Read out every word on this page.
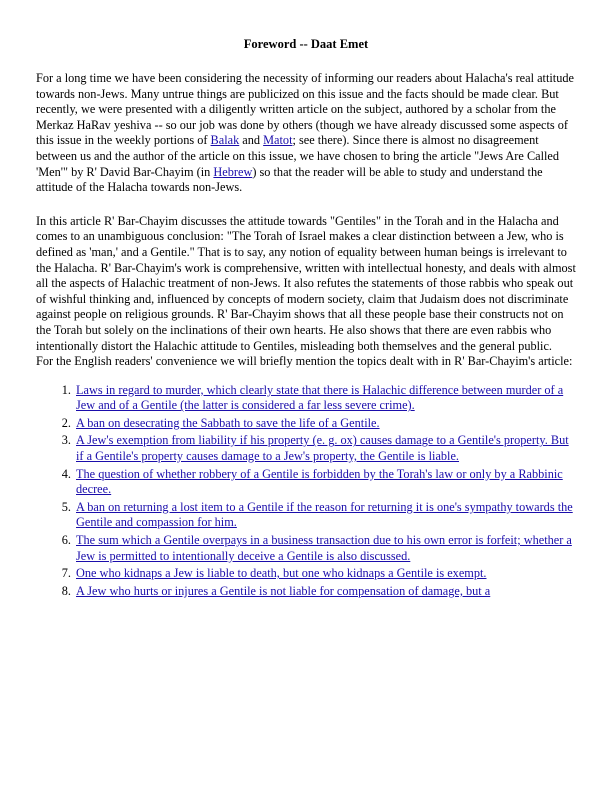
Foreword -- Daat Emet

For a long time we have been considering the necessity of informing our readers about Halacha's real attitude towards non-Jews. Many untrue things are publicized on this issue and the facts should be made clear. But recently, we were presented with a diligently written article on the subject, authored by a scholar from the Merkaz HaRav yeshiva -- so our job was done by others (though we have already discussed some aspects of this issue in the weekly portions of Balak and Matot; see there). Since there is almost no disagreement between us and the author of the article on this issue, we have chosen to bring the article "Jews Are Called 'Men'" by R' David Bar-Chayim (in Hebrew) so that the reader will be able to study and understand the attitude of the Halacha towards non-Jews.

In this article R' Bar-Chayim discusses the attitude towards "Gentiles" in the Torah and in the Halacha and comes to an unambiguous conclusion: "The Torah of Israel makes a clear distinction between a Jew, who is defined as 'man,' and a Gentile." That is to say, any notion of equality between human beings is irrelevant to the Halacha. R' Bar-Chayim's work is comprehensive, written with intellectual honesty, and deals with almost all the aspects of Halachic treatment of non-Jews. It also refutes the statements of those rabbis who speak out of wishful thinking and, influenced by concepts of modern society, claim that Judaism does not discriminate against people on religious grounds. R' Bar-Chayim shows that all these people base their constructs not on the Torah but solely on the inclinations of their own hearts. He also shows that there are even rabbis who intentionally distort the Halachic attitude to Gentiles, misleading both themselves and the general public.

For the English readers' convenience we will briefly mention the topics dealt with in R' Bar-Chayim's article:

1. Laws in regard to murder, which clearly state that there is Halachic difference between murder of a Jew and of a Gentile (the latter is considered a far less severe crime).
2. A ban on desecrating the Sabbath to save the life of a Gentile.
3. A Jew's exemption from liability if his property (e. g. ox) causes damage to a Gentile's property. But if a Gentile's property causes damage to a Jew's property, the Gentile is liable.
4. The question of whether robbery of a Gentile is forbidden by the Torah's law or only by a Rabbinic decree.
5. A ban on returning a lost item to a Gentile if the reason for returning it is one's sympathy towards the Gentile and compassion for him.
6. The sum which a Gentile overpays in a business transaction due to his own error is forfeit; whether a Jew is permitted to intentionally deceive a Gentile is also discussed.
7. One who kidnaps a Jew is liable to death, but one who kidnaps a Gentile is exempt.
8. A Jew who hurts or injures a Gentile is not liable for compensation of damage, but a
